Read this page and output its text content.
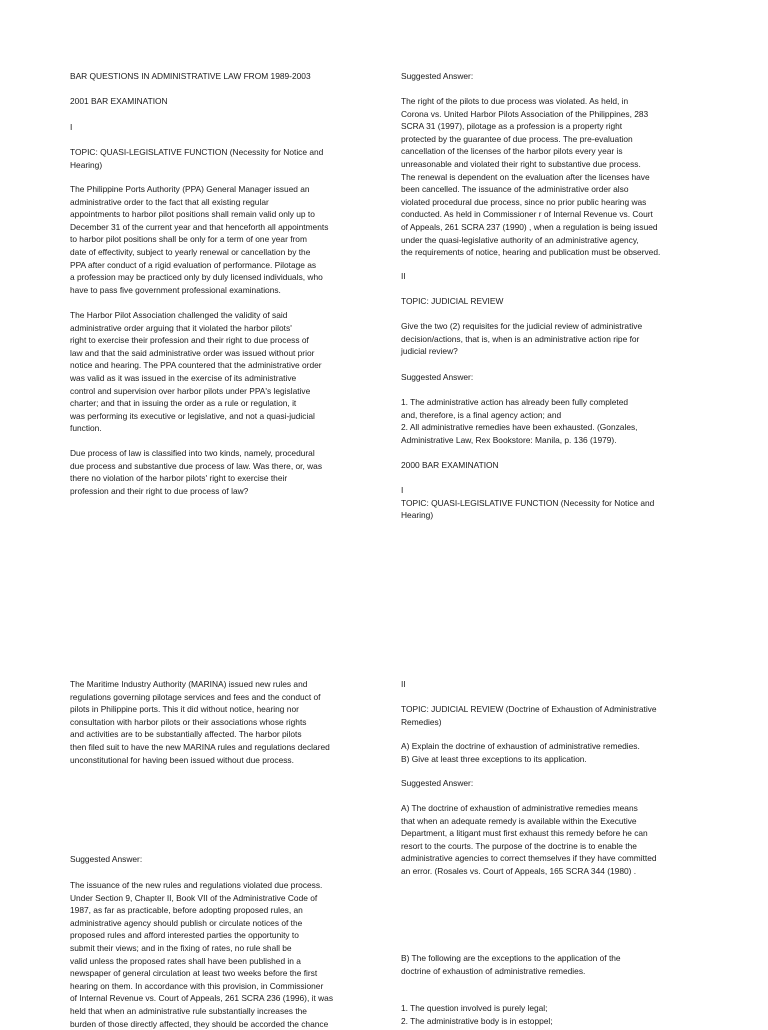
BAR QUESTIONS IN ADMINISTRATIVE LAW FROM 1989-2003
2001 BAR EXAMINATION
I
TOPIC: QUASI-LEGISLATIVE FUNCTION (Necessity for Notice and
Hearing)
The Philippine Ports Authority (PPA) General Manager issued an
administrative order to the fact that all existing regular
appointments to harbor pilot positions shall remain valid only up to
December 31 of the current year and that henceforth all appointments
to harbor pilot positions shall be only for a term of one year from
date of effectivity, subject to yearly renewal or cancellation by the
PPA after conduct of a rigid evaluation of performance. Pilotage as
a profession may be practiced only by duly licensed individuals, who
have to pass five government professional examinations.
The Harbor Pilot Association challenged the validity of said
administrative order arguing that it violated the harbor pilots'
right to exercise their profession and their right to due process of
law and that the said administrative order was issued without prior
notice and hearing. The PPA countered that the administrative order
was valid as it was issued in the exercise of its administrative
control and supervision over harbor pilots under PPA's legislative
charter; and that in issuing the order as a rule or regulation, it
was performing its executive or legislative, and not a quasi-judicial
function.
Due process of law is classified into two kinds, namely, procedural
due process and substantive due process of law. Was there, or, was
there no violation of the harbor pilots' right to exercise their
profession and their right to due process of law?
The Maritime Industry Authority (MARINA) issued new rules and
regulations governing pilotage services and fees and the conduct of
pilots in Philippine ports. This it did without notice, hearing nor
consultation with harbor pilots or their associations whose rights
and activities are to be substantially affected. The harbor pilots
then filed suit to have the new MARINA rules and regulations declared
unconstitutional for having been issued without due process.
Suggested Answer:
The issuance of the new rules and regulations violated due process.
Under Section 9, Chapter II, Book VII of the Administrative Code of
1987, as far as practicable, before adopting proposed rules, an
administrative agency should publish or circulate notices of the
proposed rules and afford interested parties the opportunity to
submit their views; and in the fixing of rates, no rule shall be
valid unless the proposed rates shall have been published in a
newspaper of general circulation at least two weeks before the first
hearing on them. In accordance with this provision, in Commissioner
of Internal Revenue vs. Court of Appeals, 261 SCRA 236 (1996), it was
held that when an administrative rule substantially increases the
burden of those directly affected, they should be accorded the chance
Suggested Answer:
The right of the pilots to due process was violated. As held, in
Corona vs. United Harbor Pilots Association of the Philippines, 283
SCRA 31 (1997), pilotage as a profession is a property right
protected by the guarantee of due process. The pre-evaluation
cancellation of the licenses of the harbor pilots every year is
unreasonable and violated their right to substantive due process.
The renewal is dependent on the evaluation after the licenses have
been cancelled. The issuance of the administrative order also
violated procedural due process, since no prior public hearing was
conducted. As held in Commissioner r of Internal Revenue vs. Court
of Appeals, 261 SCRA 237 (1990) , when a regulation is being issued
under the quasi-legislative authority of an administrative agency,
the requirements of notice, hearing and publication must be observed.
II
TOPIC: JUDICIAL REVIEW
Give the two (2) requisites for the judicial review of administrative
decision/actions, that is, when is an administrative action ripe for
judicial review?
Suggested Answer:
1. The administrative action has already been fully completed
and, therefore, is a final agency action; and
2. All administrative remedies have been exhausted. (Gonzales,
Administrative Law, Rex Bookstore: Manila, p. 136 (1979).
2000 BAR EXAMINATION
I
TOPIC: QUASI-LEGISLATIVE FUNCTION (Necessity for Notice and
Hearing)
II
TOPIC: JUDICIAL REVIEW (Doctrine of Exhaustion of Administrative
Remedies)
A) Explain the doctrine of exhaustion of administrative remedies.
B) Give at least three exceptions to its application.
Suggested Answer:
A) The doctrine of exhaustion of administrative remedies means
that when an adequate remedy is available within the Executive
Department, a litigant must first exhaust this remedy before he can
resort to the courts. The purpose of the doctrine is to enable the
administrative agencies to correct themselves if they have committed
an error. (Rosales vs. Court of Appeals, 165 SCRA 344 (1980) .
B) The following are the exceptions to the application of the
doctrine of exhaustion of administrative remedies.
1. The question involved is purely legal;
2. The administrative body is in estoppel;
